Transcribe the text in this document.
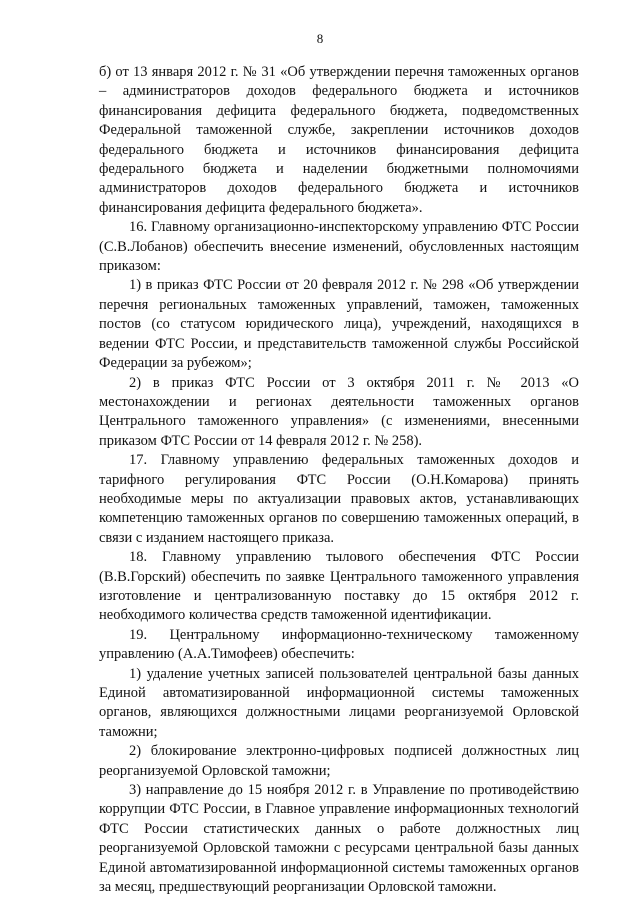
8

б) от 13 января 2012 г. № 31 «Об утверждении перечня таможенных органов – администраторов доходов федерального бюджета и источников финансирования дефицита федерального бюджета, подведомственных Федеральной таможенной службе, закреплении источников доходов федерального бюджета и источников финансирования дефицита федерального бюджета и наделении бюджетными полномочиями администраторов доходов федерального бюджета и источников финансирования дефицита федерального бюджета».

16. Главному организационно-инспекторскому управлению ФТС России (С.В.Лобанов) обеспечить внесение изменений, обусловленных настоящим приказом:

1) в приказ ФТС России от 20 февраля 2012 г. № 298 «Об утверждении перечня региональных таможенных управлений, таможен, таможенных постов (со статусом юридического лица), учреждений, находящихся в ведении ФТС России, и представительств таможенной службы Российской Федерации за рубежом»;

2) в приказ ФТС России от 3 октября 2011 г. № 2013 «О местонахождении и регионах деятельности таможенных органов Центрального таможенного управления» (с изменениями, внесенными приказом ФТС России от 14 февраля 2012 г. № 258).

17. Главному управлению федеральных таможенных доходов и тарифного регулирования ФТС России (О.Н.Комарова) принять необходимые меры по актуализации правовых актов, устанавливающих компетенцию таможенных органов по совершению таможенных операций, в связи с изданием настоящего приказа.

18. Главному управлению тылового обеспечения ФТС России (В.В.Горский) обеспечить по заявке Центрального таможенного управления изготовление и централизованную поставку до 15 октября 2012 г. необходимого количества средств таможенной идентификации.

19. Центральному информационно-техническому таможенному управлению (А.А.Тимофеев) обеспечить:

1) удаление учетных записей пользователей центральной базы данных Единой автоматизированной информационной системы таможенных органов, являющихся должностными лицами реорганизуемой Орловской таможни;

2) блокирование электронно-цифровых подписей должностных лиц реорганизуемой Орловской таможни;

3) направление до 15 ноября 2012 г. в Управление по противодействию коррупции ФТС России, в Главное управление информационных технологий ФТС России статистических данных о работе должностных лиц реорганизуемой Орловской таможни с ресурсами центральной базы данных Единой автоматизированной информационной системы таможенных органов за месяц, предшествующий реорганизации Орловской таможни.
